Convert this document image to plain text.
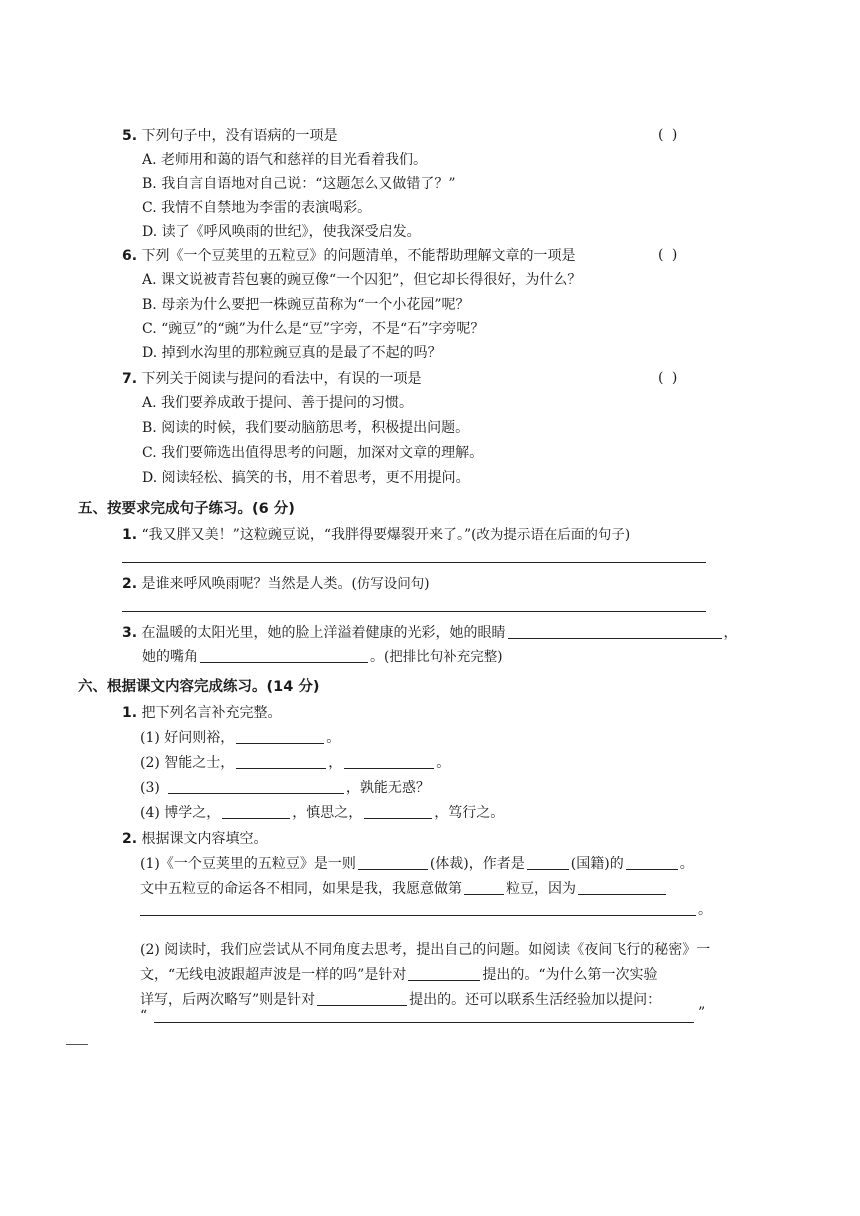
5. 下列句子中，没有语病的一项是	( )
A. 老师用和蔼的语气和慈祥的目光看着我们。
B. 我自言自语地对自己说：“这题怎么又做错了？”
C. 我情不自禁地为李雷的表演喝彩。
D. 读了《呼风唤雨的世纪》，使我深受启发。
6. 下列《一个豆荚里的五粒豆》的问题清单，不能帮助理解文章的一项是	( )
A. 课文说被青苔包裹的豌豆像“一个囚犯”，但它却长得很好，为什么？
B. 母亲为什么要把一株豌豆苗称为“一个小花园”呢？
C. “豌豆”的“豌”为什么是“豆”字旁，不是“石”字旁呢？
D. 掉到水沟里的那粒豌豆真的是最了不起的吗？
7. 下列关于阅读与提问的看法中，有误的一项是	( )
A. 我们要养成敢于提问、善于提问的习惯。
B. 阅读的时候，我们要动脑筋思考，积极提出问题。
C. 我们要筛选出值得思考的问题，加深对文章的理解。
D. 阅读轻松、搞笑的书，用不着思考，更不用提问。
五、按要求完成句子练习。(6 分)
1. “我又胖又美！”这粒豌豆说，“我胖得要爆裂开来了。”(改为提示语在后面的句子)
2. 是谁来呼风唤雨呢？当然是人类。(仿写设问句)
3. 在温暖的太阳光里，她的脸上洋溢着健康的光彩，她的眼睛	，
她的嘴角	。(把排比句补充完整)
六、根据课文内容完成练习。(14 分)
1. 把下列名言补充完整。
(1) 好问则裕，	。
(2) 智能之士，	，	。
(3)	，孰能无惑？
(4) 博学之，	，慎思之，	，笃行之。
2. 根据课文内容填空。
(1)《一个豆荚里的五粒豆》是一则	(体裁)，作者是	(国籍)的	。
文中五粒豆的命运各不相同，如果是我，我愿意做第	粒豆，因为
。
(2) 阅读时，我们应尝试从不同角度去思考，提出自己的问题。如阅读《夜间飞行的秘密》一
文，“无线电波跟超声波是一样的吗”是针对	提出的。“为什么第一次实验
详写，后两次略写”则是针对	提出的。还可以联系生活经验加以提问：
“	”
